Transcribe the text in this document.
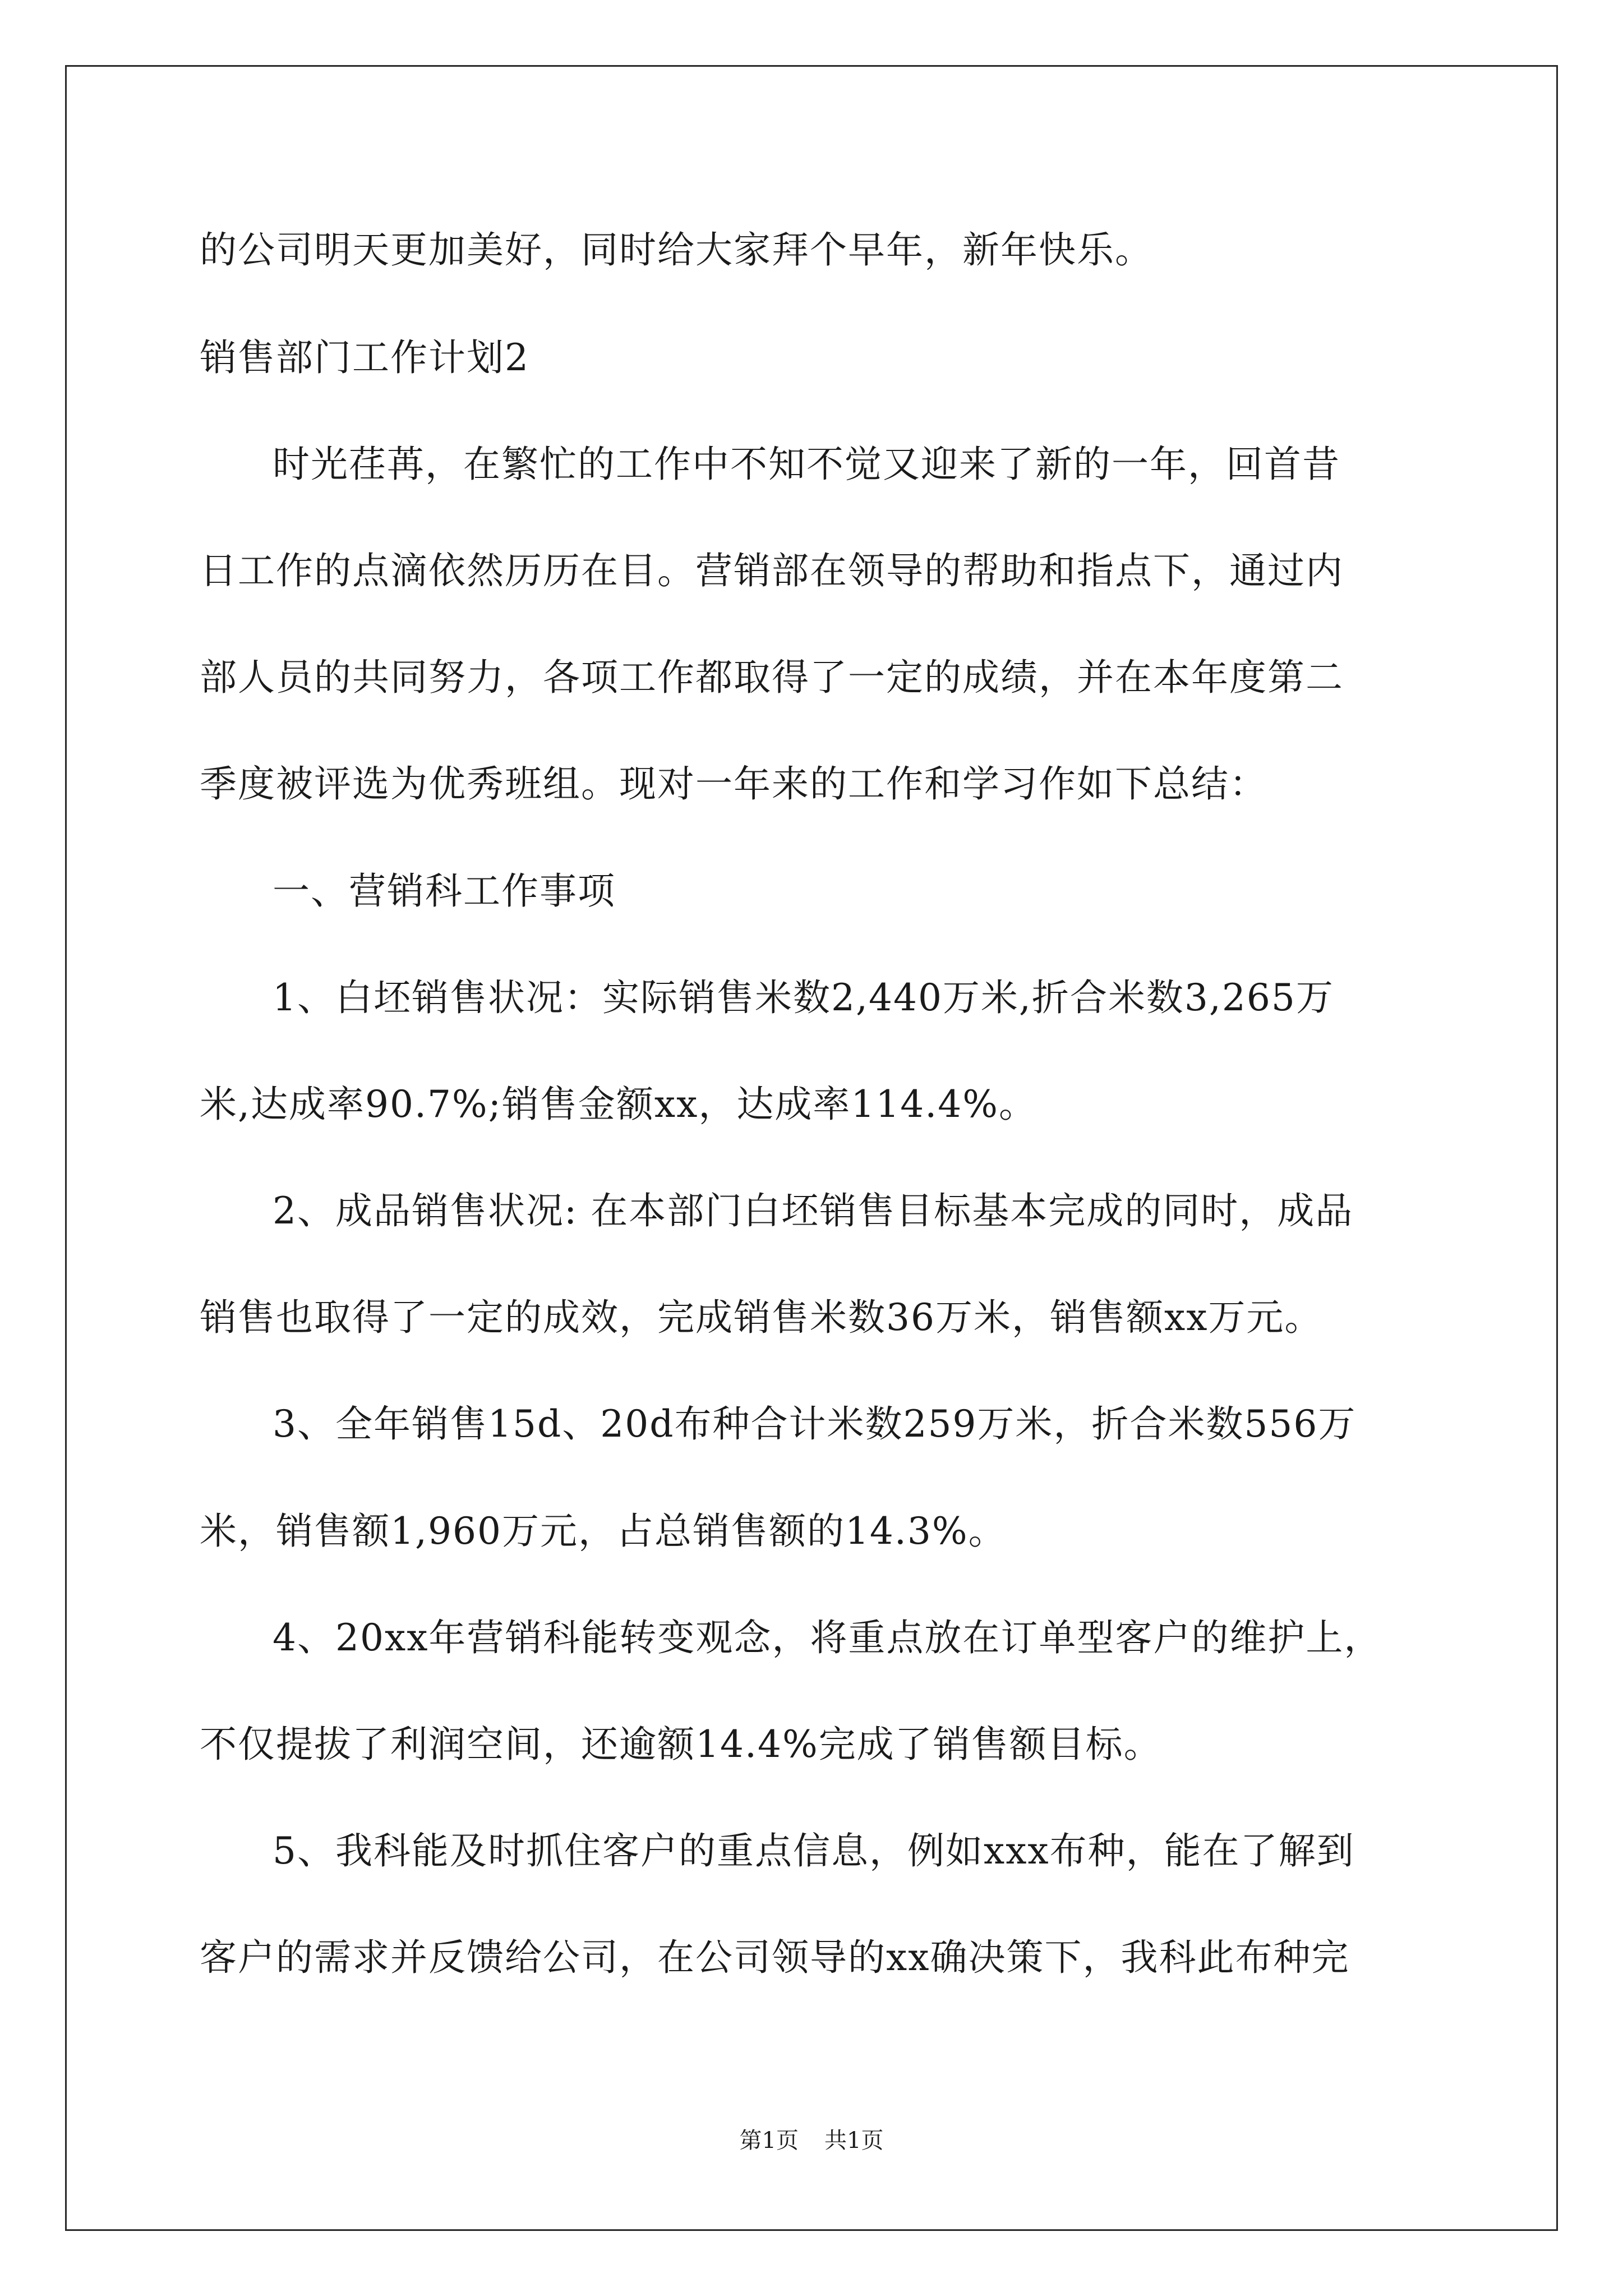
的公司明天更加美好，同时给大家拜个早年，新年快乐。
销售部门工作计划2
时光荏苒，在繁忙的工作中不知不觉又迎来了新的一年，回首昔
日工作的点滴依然历历在目。营销部在领导的帮助和指点下，通过内
部人员的共同努力，各项工作都取得了一定的成绩，并在本年度第二
季度被评选为优秀班组。现对一年来的工作和学习作如下总结：
一、营销科工作事项
1、白坯销售状况：实际销售米数2,440万米,折合米数3,265万
米,达成率90.7%;销售金额xx，达成率114.4%。
2、成品销售状况: 在本部门白坯销售目标基本完成的同时，成品
销售也取得了一定的成效，完成销售米数36万米，销售额xx万元。
3、全年销售15d、20d布种合计米数259万米，折合米数556万
米，销售额1,960万元，占总销售额的14.3%。
4、20xx年营销科能转变观念，将重点放在订单型客户的维护上，
不仅提拔了利润空间，还逾额14.4%完成了销售额目标。
5、我科能及时抓住客户的重点信息，例如xxx布种，能在了解到
客户的需求并反馈给公司，在公司领导的xx确决策下，我科此布种完
第1页 共1页
